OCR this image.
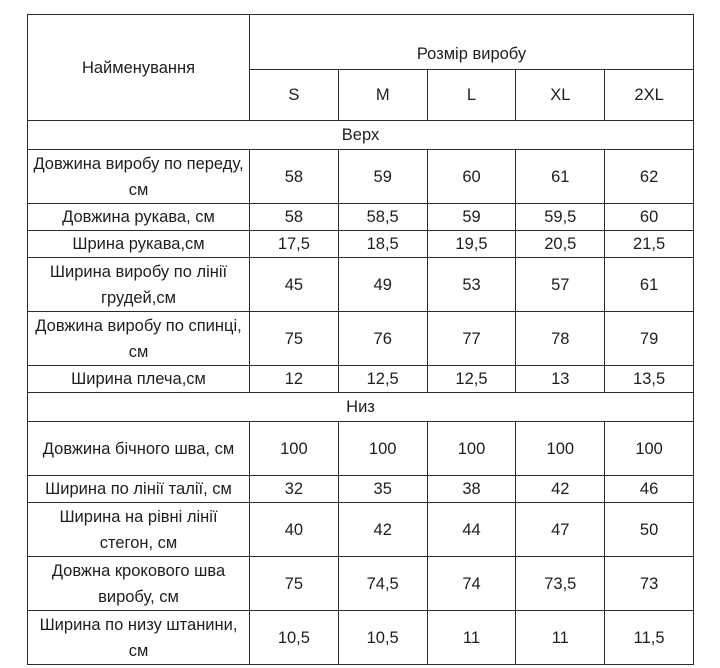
Найменування	Розмір виробу				
	S	M	L	XL	2XL
Верх					
Довжина виробу по переду, см	58	59	60	61	62
Довжина рукава, см	58	58,5	59	59,5	60
Шрина рукава,см	17,5	18,5	19,5	20,5	21,5
Ширина виробу по лінії грудей,см	45	49	53	57	61
Довжина виробу по спинці, см	75	76	77	78	79
Ширина плеча,см	12	12,5	12,5	13	13,5
Низ					
Довжина бічного шва, см	100	100	100	100	100
Ширина по лінії талії, см	32	35	38	42	46
Ширина на рівні лінії стегон, см	40	42	44	47	50
Довжна крокового шва виробу, см	75	74,5	74	73,5	73
Ширина по низу штанини, см	10,5	10,5	11	11	11,5
